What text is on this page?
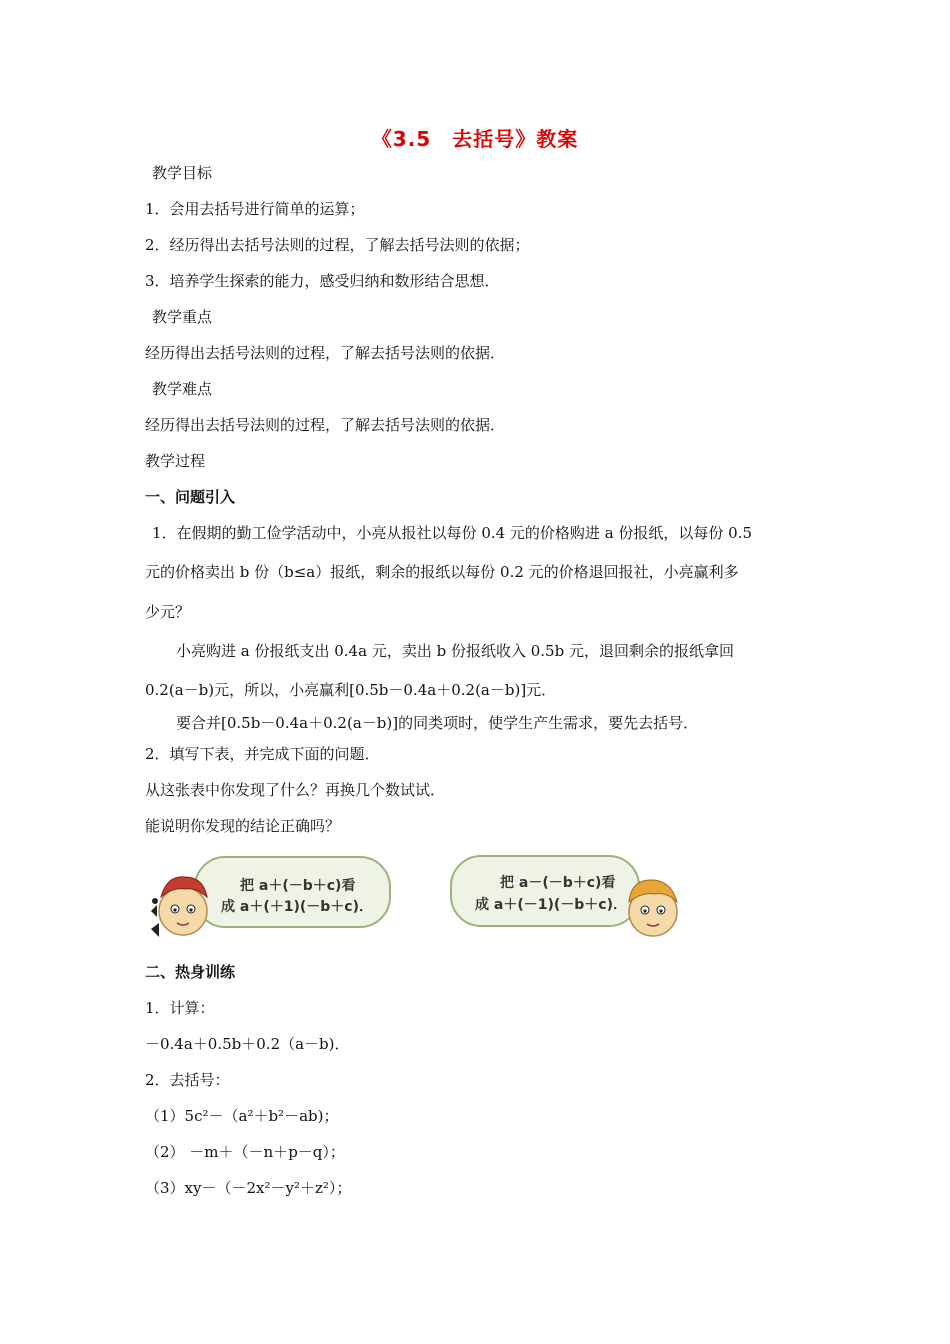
《3.5　去括号》教案
教学目标
1．会用去括号进行简单的运算；
2．经历得出去括号法则的过程，了解去括号法则的依据；
3．培养学生探索的能力，感受归纳和数形结合思想．
教学重点
经历得出去括号法则的过程，了解去括号法则的依据．
教学难点
经历得出去括号法则的过程，了解去括号法则的依据．
教学过程
一、问题引入
1．在假期的勤工俭学活动中，小亮从报社以每份 0.4 元的价格购进 a 份报纸，以每份 0.5
元的价格卖出 b 份（b≤a）报纸，剩余的报纸以每份 0.2 元的价格退回报社，小亮赢利多
少元？
小亮购进 a 份报纸支出 0.4a 元，卖出 b 份报纸收入 0.5b 元，退回剩余的报纸拿回
0.2(a－b)元，所以，小亮赢利[0.5b－0.4a＋0.2(a－b)]元．
要合并[0.5b－0.4a＋0.2(a－b)]的同类项时，使学生产生需求，要先去括号．
2．填写下表，并完成下面的问题．
从这张表中你发现了什么？再换几个数试试．
能说明你发现的结论正确吗？
把 a＋(－b＋c)看
成 a＋(＋1)(－b＋c)．
把 a－(－b＋c)看
成 a＋(－1)(－b＋c)．
二、热身训练
1．计算：
－0.4a＋0.5b＋0.2（a－b)．
2．去括号：
（1）5c²－（a²＋b²－ab)；
（2） －m＋（－n＋p－q）；
（3）xy－（－2x²－y²＋z²）；
